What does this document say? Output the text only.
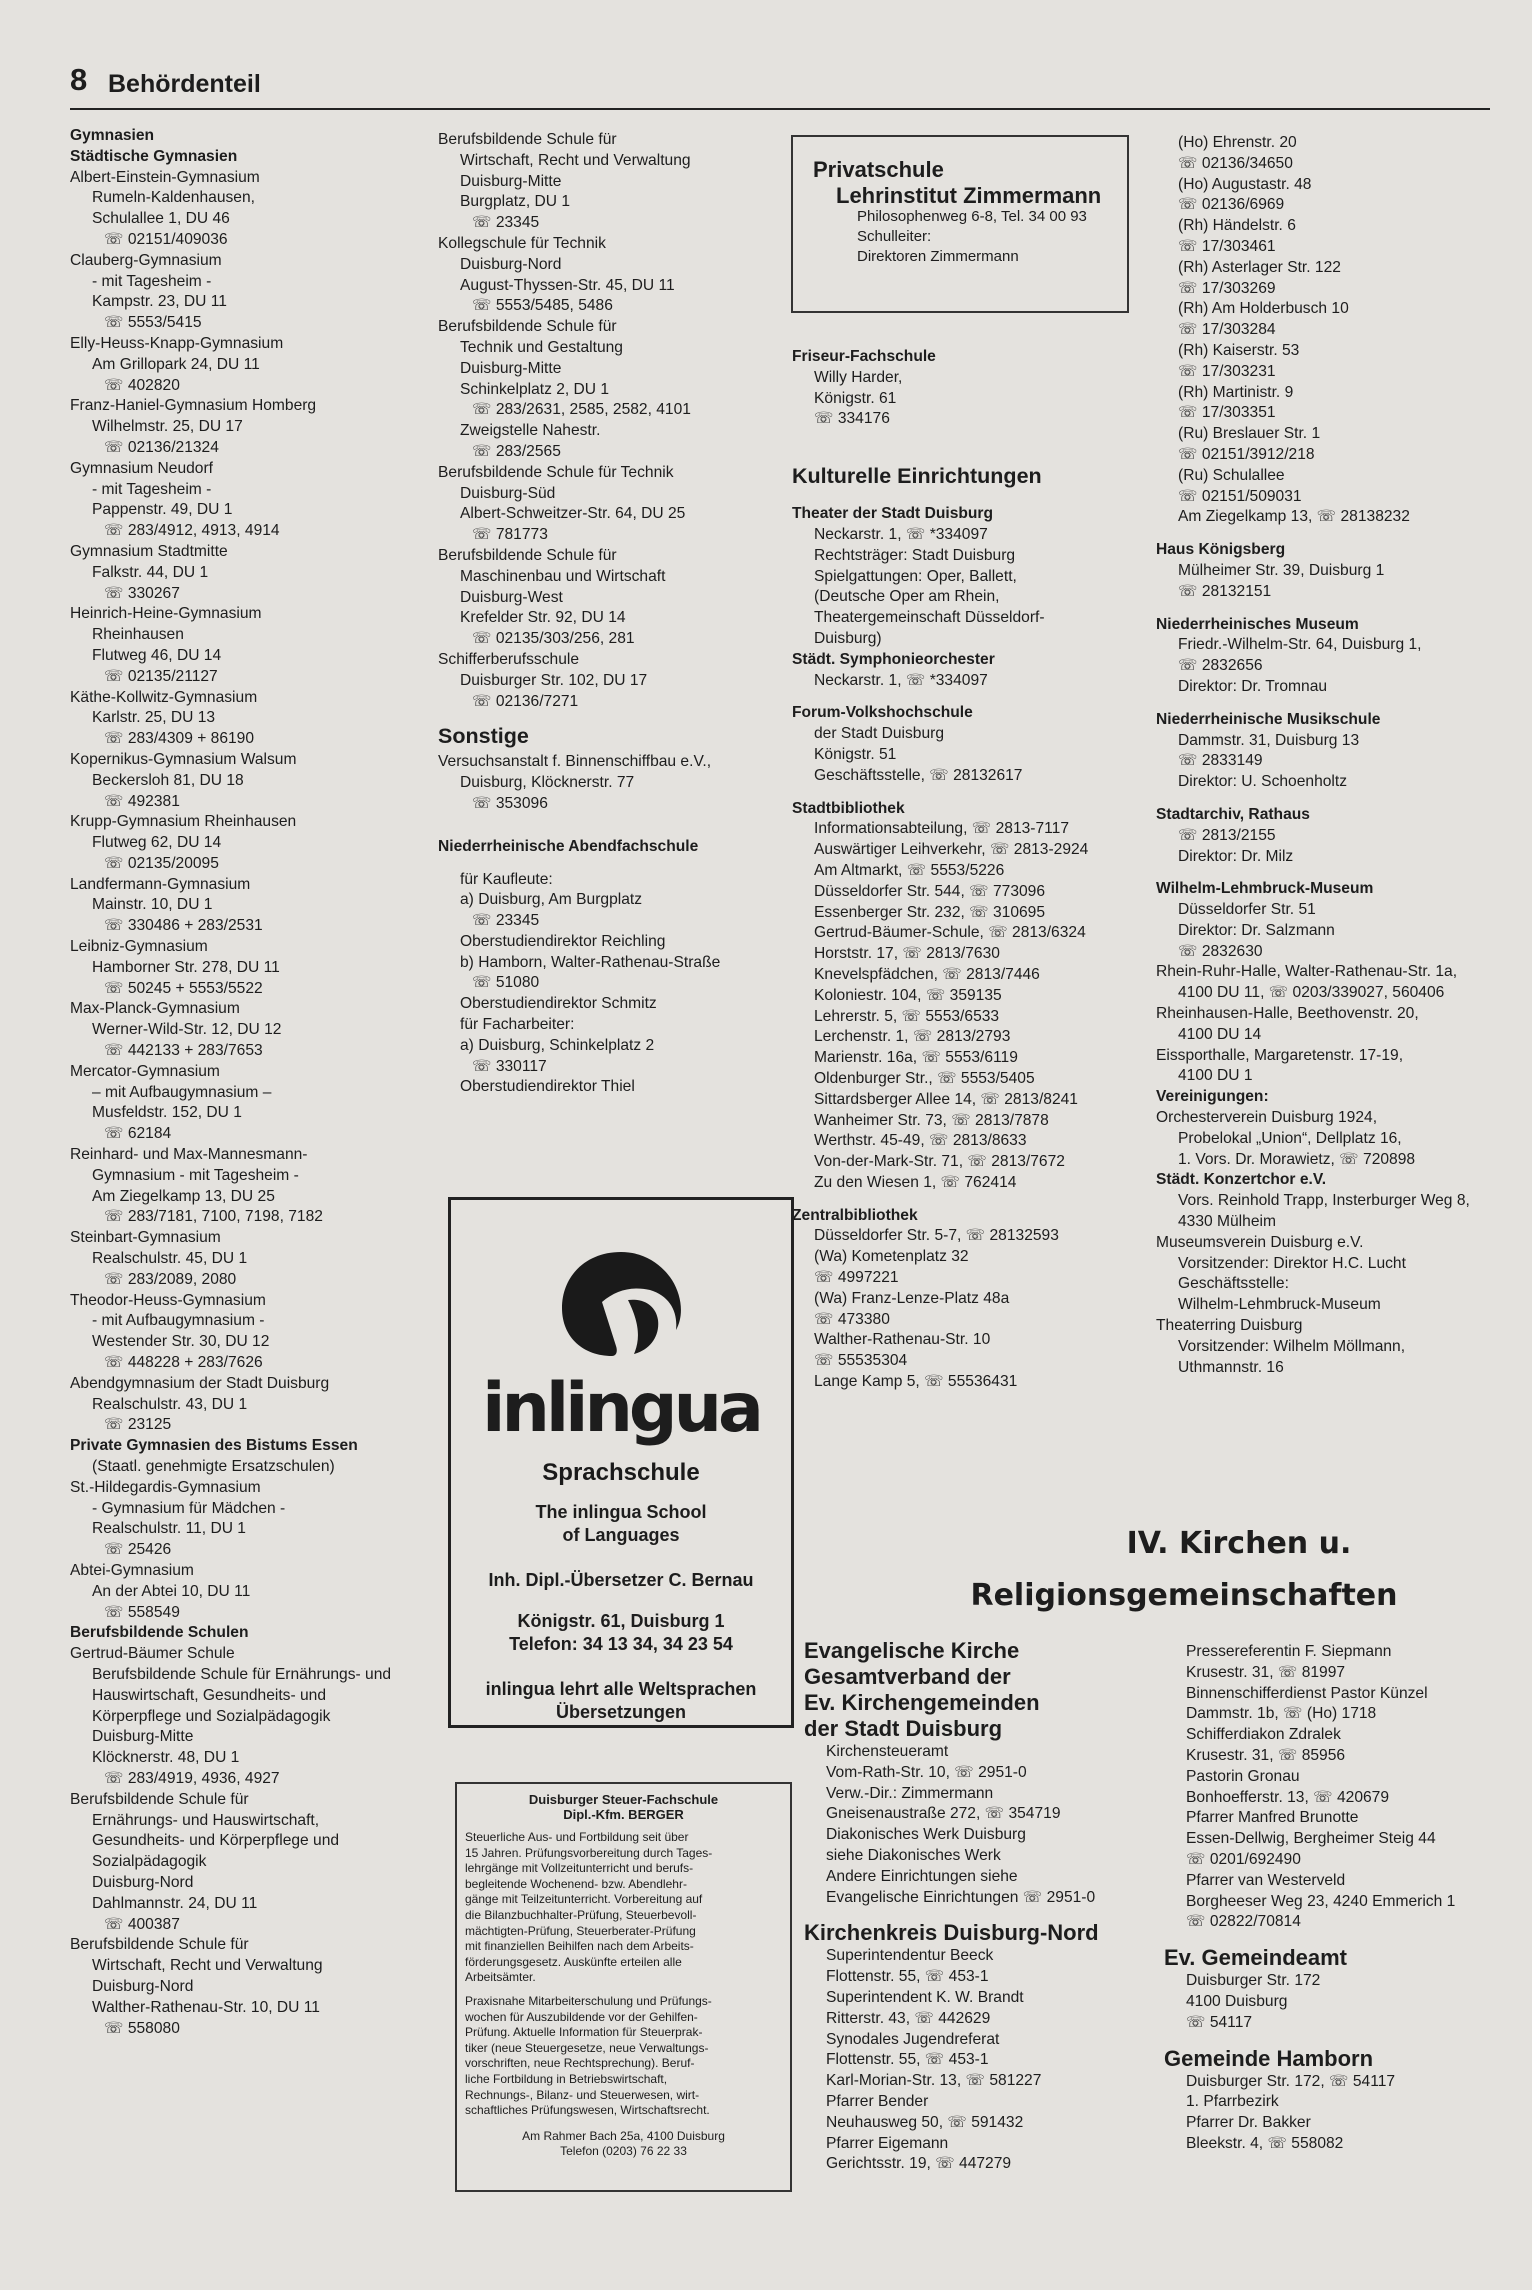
8 Behördenteil
Gymnasien
Städtische Gymnasien
Albert-Einstein-Gymnasium
Rumeln-Kaldenhausen,
Schulallee 1, DU 46
☏ 02151/409036
Clauberg-Gymnasium
- mit Tagesheim -
Kampstr. 23, DU 11
☏ 5553/5415
Elly-Heuss-Knapp-Gymnasium
Am Grillopark 24, DU 11
☏ 402820
Franz-Haniel-Gymnasium Homberg
Wilhelmstr. 25, DU 17
☏ 02136/21324
Gymnasium Neudorf
- mit Tagesheim -
Pappenstr. 49, DU 1
☏ 283/4912, 4913, 4914
Gymnasium Stadtmitte
Falkstr. 44, DU 1
☏ 330267
Heinrich-Heine-Gymnasium
Rheinhausen
Flutweg 46, DU 14
☏ 02135/21127
Käthe-Kollwitz-Gymnasium
Karlstr. 25, DU 13
☏ 283/4309 + 86190
Kopernikus-Gymnasium Walsum
Beckersloh 81, DU 18
☏ 492381
Krupp-Gymnasium Rheinhausen
Flutweg 62, DU 14
☏ 02135/20095
Landfermann-Gymnasium
Mainstr. 10, DU 1
☏ 330486 + 283/2531
Leibniz-Gymnasium
Hamborner Str. 278, DU 11
☏ 50245 + 5553/5522
Max-Planck-Gymnasium
Werner-Wild-Str. 12, DU 12
☏ 442133 + 283/7653
Mercator-Gymnasium
– mit Aufbaugymnasium –
Musfeldstr. 152, DU 1
☏ 62184
Reinhard- und Max-Mannesmann-
Gymnasium - mit Tagesheim -
Am Ziegelkamp 13, DU 25
☏ 283/7181, 7100, 7198, 7182
Steinbart-Gymnasium
Realschulstr. 45, DU 1
☏ 283/2089, 2080
Theodor-Heuss-Gymnasium
- mit Aufbaugymnasium -
Westender Str. 30, DU 12
☏ 448228 + 283/7626
Abendgymnasium der Stadt Duisburg
Realschulstr. 43, DU 1
☏ 23125
Private Gymnasien des Bistums Essen
(Staatl. genehmigte Ersatzschulen)
St.-Hildegardis-Gymnasium
- Gymnasium für Mädchen -
Realschulstr. 11, DU 1
☏ 25426
Abtei-Gymnasium
An der Abtei 10, DU 11
☏ 558549
Berufsbildende Schulen
Gertrud-Bäumer Schule
Berufsbildende Schule für Ernährungs- und
Hauswirtschaft, Gesundheits- und
Körperpflege und Sozialpädagogik
Duisburg-Mitte
Klöcknerstr. 48, DU 1
☏ 283/4919, 4936, 4927
Berufsbildende Schule für
Ernährungs- und Hauswirtschaft,
Gesundheits- und Körperpflege und
Sozialpädagogik
Duisburg-Nord
Dahlmannstr. 24, DU 11
☏ 400387
Berufsbildende Schule für
Wirtschaft, Recht und Verwaltung
Duisburg-Nord
Walther-Rathenau-Str. 10, DU 11
☏ 558080
Berufsbildende Schule für
Wirtschaft, Recht und Verwaltung
Duisburg-Mitte
Burgplatz, DU 1
☏ 23345
Kollegschule für Technik
Duisburg-Nord
August-Thyssen-Str. 45, DU 11
☏ 5553/5485, 5486
Berufsbildende Schule für
Technik und Gestaltung
Duisburg-Mitte
Schinkelplatz 2, DU 1
☏ 283/2631, 2585, 2582, 4101
Zweigstelle Nahestr.
☏ 283/2565
Berufsbildende Schule für Technik
Duisburg-Süd
Albert-Schweitzer-Str. 64, DU 25
☏ 781773
Berufsbildende Schule für
Maschinenbau und Wirtschaft
Duisburg-West
Krefelder Str. 92, DU 14
☏ 02135/303/256, 281
Schifferberufsschule
Duisburger Str. 102, DU 17
☏ 02136/7271
Sonstige
Versuchsanstalt f. Binnenschiffbau e.V.,
Duisburg, Klöcknerstr. 77
☏ 353096
Niederrheinische Abendfachschule
für Kaufleute:
a) Duisburg, Am Burgplatz
☏ 23345
Oberstudiendirektor Reichling
b) Hamborn, Walter-Rathenau-Straße
☏ 51080
Oberstudiendirektor Schmitz
für Facharbeiter:
a) Duisburg, Schinkelplatz 2
☏ 330117
Oberstudiendirektor Thiel
Friseur-Fachschule
Willy Harder,
Königstr. 61
☏ 334176
Kulturelle Einrichtungen
Theater der Stadt Duisburg
Neckarstr. 1, ☏ *334097
Rechtsträger: Stadt Duisburg
Spielgattungen: Oper, Ballett,
(Deutsche Oper am Rhein,
Theatergemeinschaft Düsseldorf-
Duisburg)
Städt. Symphonieorchester
Neckarstr. 1, ☏ *334097
Forum-Volkshochschule
der Stadt Duisburg
Königstr. 51
Geschäftsstelle, ☏ 28132617
Stadtbibliothek
Informationsabteilung, ☏ 2813-7117
Auswärtiger Leihverkehr, ☏ 2813-2924
Am Altmarkt, ☏ 5553/5226
Düsseldorfer Str. 544, ☏ 773096
Essenberger Str. 232, ☏ 310695
Gertrud-Bäumer-Schule, ☏ 2813/6324
Horststr. 17, ☏ 2813/7630
Knevelspfädchen, ☏ 2813/7446
Koloniestr. 104, ☏ 359135
Lehrerstr. 5, ☏ 5553/6533
Lerchenstr. 1, ☏ 2813/2793
Marienstr. 16a, ☏ 5553/6119
Oldenburger Str., ☏ 5553/5405
Sittardsberger Allee 14, ☏ 2813/8241
Wanheimer Str. 73, ☏ 2813/7878
Werthstr. 45-49, ☏ 2813/8633
Von-der-Mark-Str. 71, ☏ 2813/7672
Zu den Wiesen 1, ☏ 762414
Zentralbibliothek
Düsseldorfer Str. 5-7, ☏ 28132593
(Wa) Kometenplatz 32
☏ 4997221
(Wa) Franz-Lenze-Platz 48a
☏ 473380
Walther-Rathenau-Str. 10
☏ 55535304
Lange Kamp 5, ☏ 55536431
(Ho) Ehrenstr. 20
☏ 02136/34650
(Ho) Augustastr. 48
☏ 02136/6969
(Rh) Händelstr. 6
☏ 17/303461
(Rh) Asterlager Str. 122
☏ 17/303269
(Rh) Am Holderbusch 10
☏ 17/303284
(Rh) Kaiserstr. 53
☏ 17/303231
(Rh) Martinistr. 9
☏ 17/303351
(Ru) Breslauer Str. 1
☏ 02151/3912/218
(Ru) Schulallee
☏ 02151/509031
Am Ziegelkamp 13, ☏ 28138232
Haus Königsberg
Mülheimer Str. 39, Duisburg 1
☏ 28132151
Niederrheinisches Museum
Friedr.-Wilhelm-Str. 64, Duisburg 1,
☏ 2832656
Direktor: Dr. Tromnau
Niederrheinische Musikschule
Dammstr. 31, Duisburg 13
☏ 2833149
Direktor: U. Schoenholtz
Stadtarchiv, Rathaus
☏ 2813/2155
Direktor: Dr. Milz
Wilhelm-Lehmbruck-Museum
Düsseldorfer Str. 51
Direktor: Dr. Salzmann
☏ 2832630
Rhein-Ruhr-Halle, Walter-Rathenau-Str. 1a,
4100 DU 11, ☏ 0203/339027, 560406
Rheinhausen-Halle, Beethovenstr. 20,
4100 DU 14
Eissporthalle, Margaretenstr. 17-19,
4100 DU 1
Vereinigungen:
Orchesterverein Duisburg 1924,
Probelokal „Union“, Dellplatz 16,
1. Vors. Dr. Morawietz, ☏ 720898
Städt. Konzertchor e.V.
Vors. Reinhold Trapp, Insterburger Weg 8,
4330 Mülheim
Museumsverein Duisburg e.V.
Vorsitzender: Direktor H.C. Lucht
Geschäftsstelle:
Wilhelm-Lehmbruck-Museum
Theaterring Duisburg
Vorsitzender: Wilhelm Möllmann,
Uthmannstr. 16
Evangelische Kirche
Gesamtverband der
Ev. Kirchengemeinden
der Stadt Duisburg
Kirchensteueramt
Vom-Rath-Str. 10, ☏ 2951-0
Verw.-Dir.: Zimmermann
Gneisenaustraße 272, ☏ 354719
Diakonisches Werk Duisburg
siehe Diakonisches Werk
Andere Einrichtungen siehe
Evangelische Einrichtungen ☏ 2951-0
Kirchenkreis Duisburg-Nord
Superintendentur Beeck
Flottenstr. 55, ☏ 453-1
Superintendent K. W. Brandt
Ritterstr. 43, ☏ 442629
Synodales Jugendreferat
Flottenstr. 55, ☏ 453-1
Karl-Morian-Str. 13, ☏ 581227
Pfarrer Bender
Neuhausweg 50, ☏ 591432
Pfarrer Eigemann
Gerichtsstr. 19, ☏ 447279
Pressereferentin F. Siepmann
Krusestr. 31, ☏ 81997
Binnenschifferdienst Pastor Künzel
Dammstr. 1b, ☏ (Ho) 1718
Schifferdiakon Zdralek
Krusestr. 31, ☏ 85956
Pastorin Gronau
Bonhoefferstr. 13, ☏ 420679
Pfarrer Manfred Brunotte
Essen-Dellwig, Bergheimer Steig 44
☏ 0201/692490
Pfarrer van Westerveld
Borgheeser Weg 23, 4240 Emmerich 1
☏ 02822/70814
Ev. Gemeindeamt
Duisburger Str. 172
4100 Duisburg
☏ 54117
Gemeinde Hamborn
Duisburger Str. 172, ☏ 54117
1. Pfarrbezirk
Pfarrer Dr. Bakker
Bleekstr. 4, ☏ 558082
Privatschule
Lehrinstitut Zimmermann
Philosophenweg 6-8, Tel. 34 00 93
Schulleiter:
Direktoren Zimmermann
inlingua
Sprachschule
The inlingua School
of Languages
Inh. Dipl.-Übersetzer C. Bernau
Königstr. 61, Duisburg 1
Telefon: 34 13 34, 34 23 54
inlingua lehrt alle Weltsprachen
Übersetzungen
Duisburger Steuer-Fachschule
Dipl.-Kfm. BERGER
Steuerliche Aus- und Fortbildung seit über
15 Jahren. Prüfungsvorbereitung durch Tages-
lehrgänge mit Vollzeitunterricht und berufs-
begleitende Wochenend- bzw. Abendlehr-
gänge mit Teilzeitunterricht. Vorbereitung auf
die Bilanzbuchhalter-Prüfung, Steuerbevoll-
mächtigten-Prüfung, Steuerberater-Prüfung
mit finanziellen Beihilfen nach dem Arbeits-
förderungsgesetz. Auskünfte erteilen alle
Arbeitsämter.
Praxisnahe Mitarbeiterschulung und Prüfungs-
wochen für Auszubildende vor der Gehilfen-
Prüfung. Aktuelle Information für Steuerprak-
tiker (neue Steuergesetze, neue Verwaltungs-
vorschriften, neue Rechtsprechung). Beruf-
liche Fortbildung in Betriebswirtschaft,
Rechnungs-, Bilanz- und Steuerwesen, wirt-
schaftliches Prüfungswesen, Wirtschaftsrecht.
Am Rahmer Bach 25a, 4100 Duisburg
Telefon (0203) 76 22 33
IV. Kirchen u.
Religionsgemeinschaften
